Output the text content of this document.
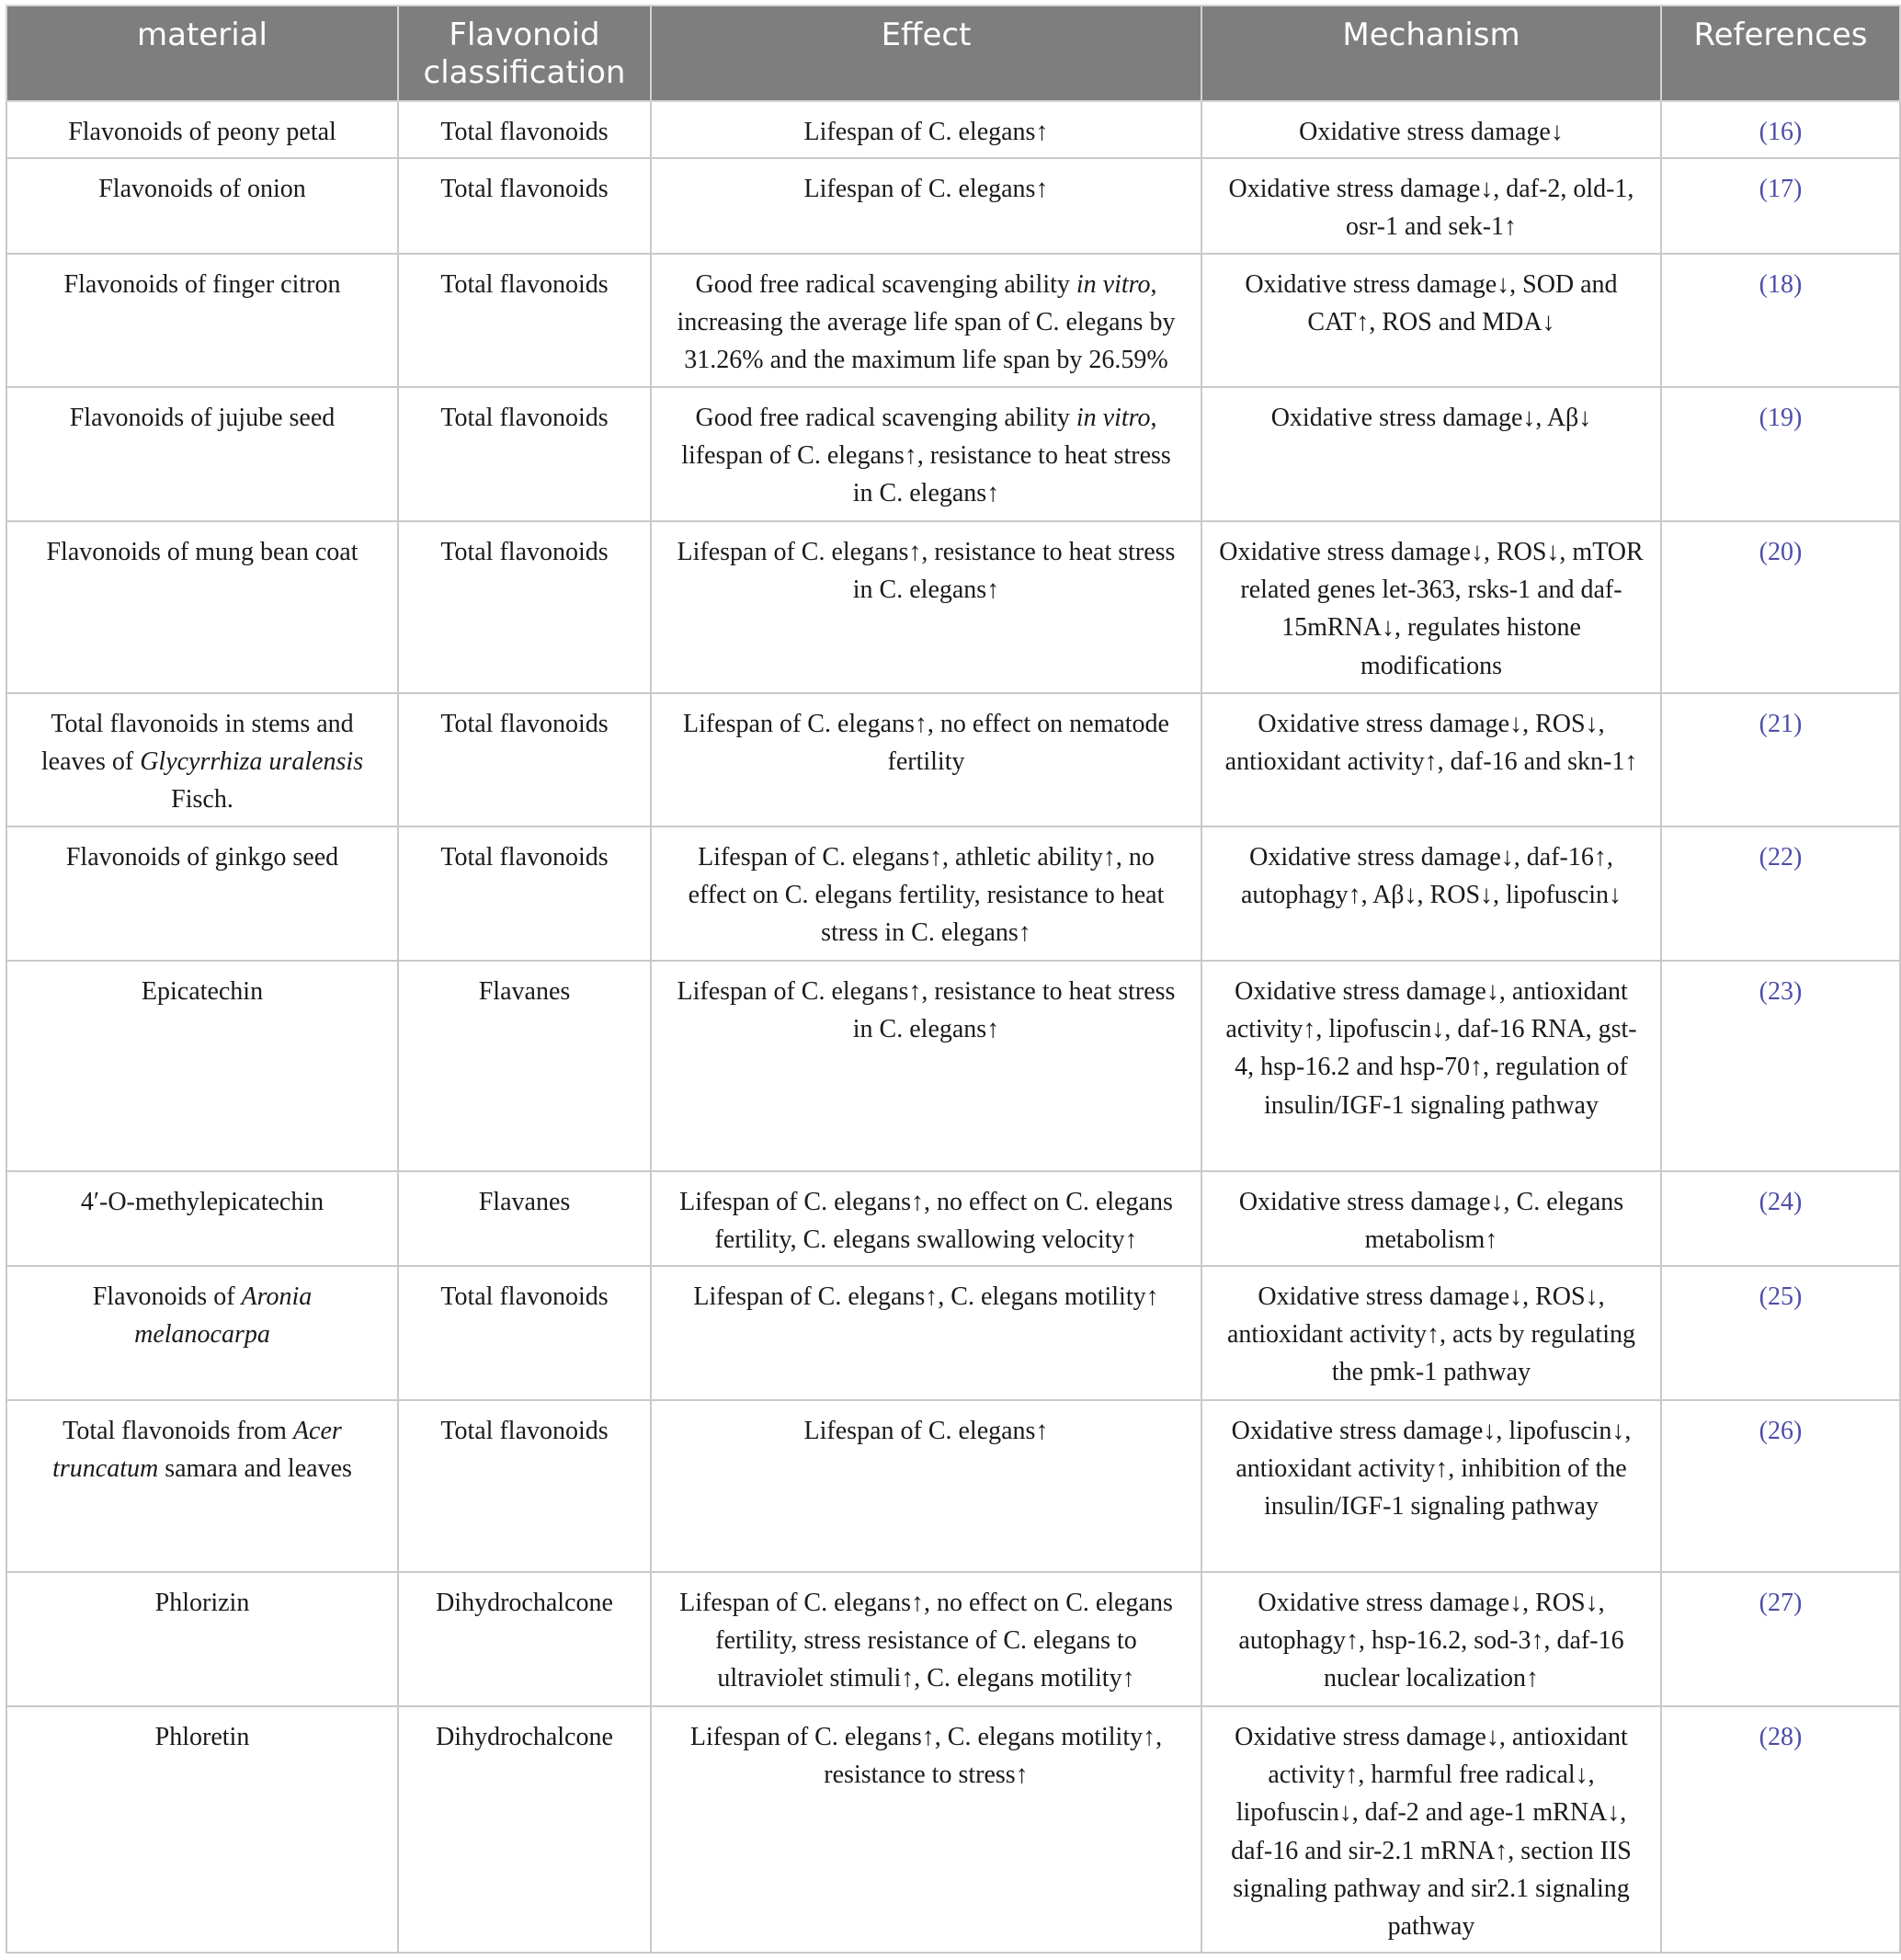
material	Flavonoid classification	Effect	Mechanism	References
Flavonoids of peony petal	Total flavonoids	Lifespan of C. elegans↑	Oxidative stress damage↓	(16)
Flavonoids of onion	Total flavonoids	Lifespan of C. elegans↑	Oxidative stress damage↓, daf-2, old-1, osr-1 and sek-1↑	(17)
Flavonoids of finger citron	Total flavonoids	Good free radical scavenging ability in vitro, increasing the average life span of C. elegans by 31.26% and the maximum life span by 26.59%	Oxidative stress damage↓, SOD and CAT↑, ROS and MDA↓	(18)
Flavonoids of jujube seed	Total flavonoids	Good free radical scavenging ability in vitro, lifespan of C. elegans↑, resistance to heat stress in C. elegans↑	Oxidative stress damage↓, Aβ↓	(19)
Flavonoids of mung bean coat	Total flavonoids	Lifespan of C. elegans↑, resistance to heat stress in C. elegans↑	Oxidative stress damage↓, ROS↓, mTOR related genes let-363, rsks-1 and daf-15mRNA↓, regulates histone modifications	(20)
Total flavonoids in stems and leaves of Glycyrrhiza uralensis Fisch.	Total flavonoids	Lifespan of C. elegans↑, no effect on nematode fertility	Oxidative stress damage↓, ROS↓, antioxidant activity↑, daf-16 and skn-1↑	(21)
Flavonoids of ginkgo seed	Total flavonoids	Lifespan of C. elegans↑, athletic ability↑, no effect on C. elegans fertility, resistance to heat stress in C. elegans↑	Oxidative stress damage↓, daf-16↑, autophagy↑, Aβ↓, ROS↓, lipofuscin↓	(22)
Epicatechin	Flavanes	Lifespan of C. elegans↑, resistance to heat stress in C. elegans↑	Oxidative stress damage↓, antioxidant activity↑, lipofuscin↓, daf-16 RNA, gst-4, hsp-16.2 and hsp-70↑, regulation of insulin/IGF-1 signaling pathway	(23)
4′-O-methylepicatechin	Flavanes	Lifespan of C. elegans↑, no effect on C. elegans fertility, C. elegans swallowing velocity↑	Oxidative stress damage↓, C. elegans metabolism↑	(24)
Flavonoids of Aronia melanocarpa	Total flavonoids	Lifespan of C. elegans↑, C. elegans motility↑	Oxidative stress damage↓, ROS↓, antioxidant activity↑, acts by regulating the pmk-1 pathway	(25)
Total flavonoids from Acer truncatum samara and leaves	Total flavonoids	Lifespan of C. elegans↑	Oxidative stress damage↓, lipofuscin↓, antioxidant activity↑, inhibition of the insulin/IGF-1 signaling pathway	(26)
Phlorizin	Dihydrochalcone	Lifespan of C. elegans↑, no effect on C. elegans fertility, stress resistance of C. elegans to ultraviolet stimuli↑, C. elegans motility↑	Oxidative stress damage↓, ROS↓, autophagy↑, hsp-16.2, sod-3↑, daf-16 nuclear localization↑	(27)
Phloretin	Dihydrochalcone	Lifespan of C. elegans↑, C. elegans motility↑, resistance to stress↑	Oxidative stress damage↓, antioxidant activity↑, harmful free radical↓, lipofuscin↓, daf-2 and age-1 mRNA↓, daf-16 and sir-2.1 mRNA↑, section IIS signaling pathway and sir2.1 signaling pathway	(28)
